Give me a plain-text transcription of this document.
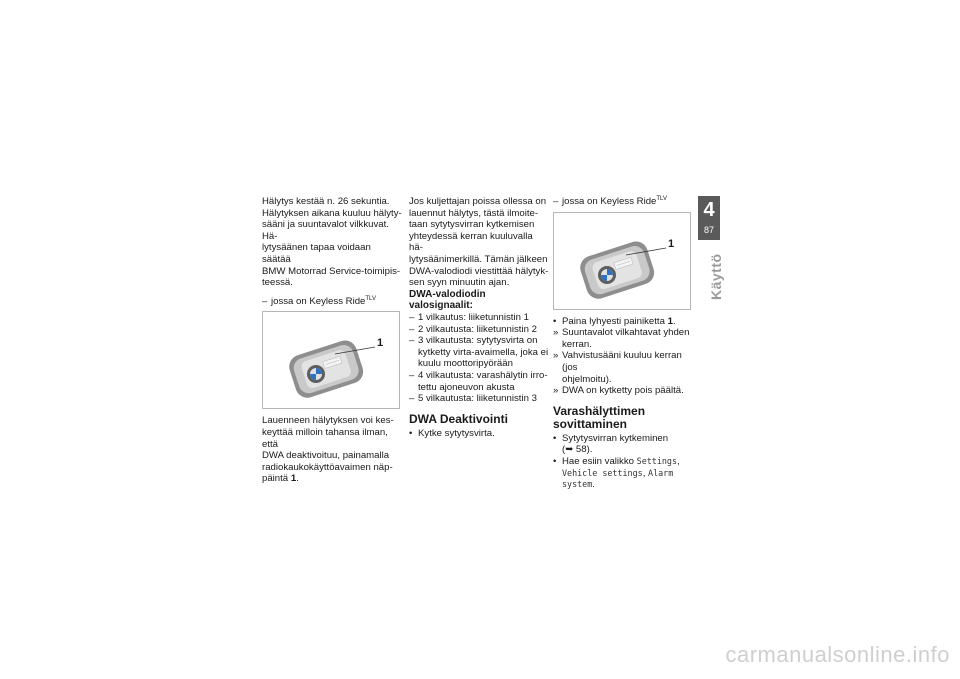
Hälytys kestää n. 26 sekuntia.
Hälytyksen aikana kuuluu hälyty-
sääni ja suuntavalot vilkkuvat. Hä-
lytysäänen tapaa voidaan säätää
BMW Motorrad Service-toimipis-
teessä.

– jossa on Keyless Ride$^{TLV}$
1

Lauenneen hälytyksen voi kes-
keyttää milloin tahansa ilman, että
DWA deaktivoituu, painamalla
radiokaukokäyttöavaimen näp-
päintä 1.

Jos kuljettajan poissa ollessa on
lauennut hälytys, tästä ilmoite-
taan sytytysvirran kytkemisen
yhteydessä kerran kuuluvalla hä-
lytysäänimerkillä. Tämän jälkeen
DWA-valodiodi viestittää hälytyk-
sen syyn minuutin ajan.

DWA-valodiodin
valosignaalit:

– 1 vilkautus: liiketunnistin 1
– 2 vilkautusta: liiketunnistin 2
– 3 vilkautusta: sytytysvirta on
kytketty virta-avaimella, joka ei
kuulu moottoripyörään
– 4 vilkautusta: varashälytin irro-
tettu ajoneuvon akusta
– 5 vilkautusta: liiketunnistin 3
DWA Deaktivointi
• Kytke sytytysvirta.
– jossa on Keyless Ride$^{TLV}$
1
• Paina lyhyesti painiketta 1.
» Suuntavalot vilkahtavat yhden
kerran.
» Vahvistusääni kuuluu kerran (jos
ohjelmoitu).
» DWA on kytketty pois päältä.
Varashälyttimen
sovittaminen
• Sytytysvirran kytkeminen
(➥ 58).
• Hae esiin valikko Settings,
Vehicle settings, Alarm
system.
4
87
Käyttö
carmanualsonline.info
